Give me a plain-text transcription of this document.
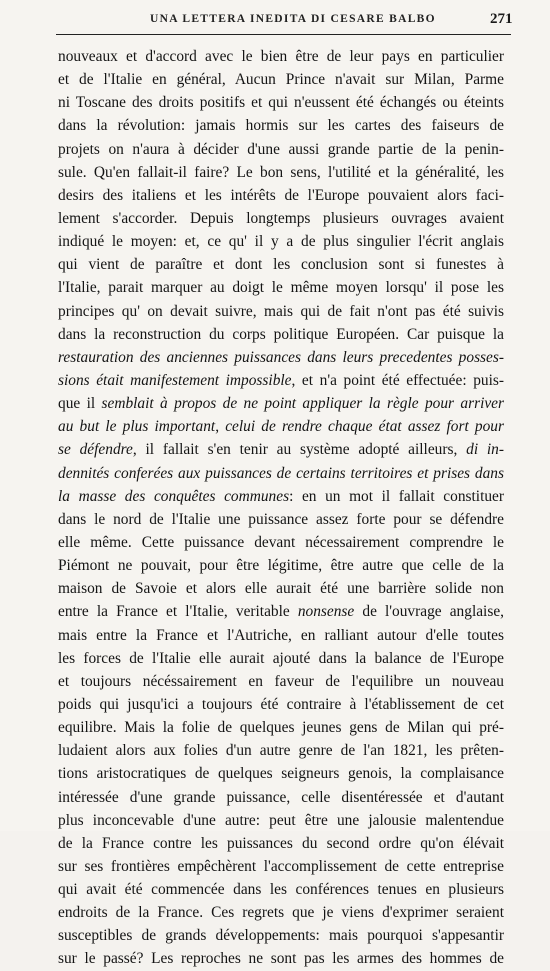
UNA LETTERA INEDITA DI CESARE BALBO	271
nouveaux et d'accord avec le bien être de leur pays en particulier
et de l'Italie en général, Aucun Prince n'avait sur Milan, Parme
ni Toscane des droits positifs et qui n'eussent été échangés ou éteints
dans la révolution: jamais hormis sur les cartes des faiseurs de
projets on n'aura à décider d'une aussi grande partie de la penin-
sule. Qu'en fallait-il faire? Le bon sens, l'utilité et la généralité, les
desirs des italiens et les intérêts de l'Europe pouvaient alors faci-
lement s'accorder. Depuis longtemps plusieurs ouvrages avaient
indiqué le moyen: et, ce qu' il y a de plus singulier l'écrit anglais
qui vient de paraître et dont les conclusion sont si funestes à
l'Italie, parait marquer au doigt le même moyen lorsqu' il pose les
principes qu' on devait suivre, mais qui de fait n'ont pas été suivis
dans la reconstruction du corps politique Européen. Car puisque la
restauration des anciennes puissances dans leurs precedentes posses-
sions était manifestement impossible, et n'a point été effectuée: puis-
que il semblait à propos de ne point appliquer la règle pour arriver
au but le plus important, celui de rendre chaque état assez fort pour
se défendre, il fallait s'en tenir au système adopté ailleurs, di in-
dennités conferées aux puissances de certains territoires et prises dans
la masse des conquêtes communes: en un mot il fallait constituer
dans le nord de l'Italie une puissance assez forte pour se défendre
elle même. Cette puissance devant nécessairement comprendre le
Piémont ne pouvait, pour être légitime, être autre que celle de la
maison de Savoie et alors elle aurait été une barrière solide non
entre la France et l'Italie, veritable nonsense de l'ouvrage anglaise,
mais entre la France et l'Autriche, en ralliant autour d'elle toutes
les forces de l'Italie elle aurait ajouté dans la balance de l'Europe
et toujours nécéssairement en faveur de l'equilibre un nouveau
poids qui jusqu'ici a toujours été contraire à l'établissement de cet
equilibre. Mais la folie de quelques jeunes gens de Milan qui pré-
ludaient alors aux folies d'un autre genre de l'an 1821, les prêten-
tions aristocratiques de quelques seigneurs genois, la complaisance
intéressée d'une grande puissance, celle disentéressée et d'autant
plus inconcevable d'une autre: peut être une jalousie malentendue
de la France contre les puissances du second ordre qu'on élévait
sur ses frontières empêchèrent l'accomplissement de cette entreprise
qui avait été commencée dans les conférences tenues en plusieurs
endroits de la France. Ces regrets que je viens d'exprimer seraient
susceptibles de grands développements: mais pourquoi s'appesantir
sur le passé? Les reproches ne sont pas les armes des hommes de
